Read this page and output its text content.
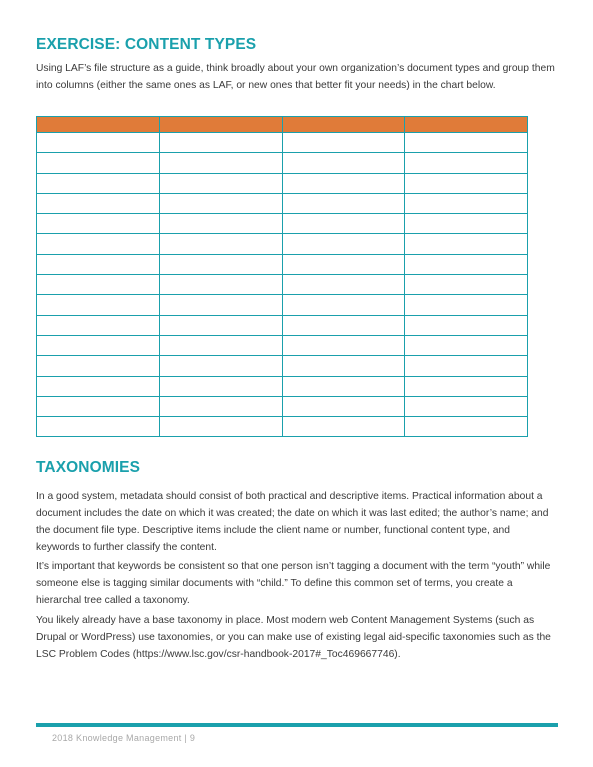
EXERCISE: CONTENT TYPES

Using LAF’s file structure as a guide, think broadly about your own organization’s document types and group them into columns (either the same ones as LAF, or new ones that better fit your needs) in the chart below.

TAXONOMIES

In a good system, metadata should consist of both practical and descriptive items. Practical information about a document includes the date on which it was created; the date on which it was last edited; the author’s name; and the document file type. Descriptive items include the client name or number, functional content type, and keywords to further classify the content.

It’s important that keywords be consistent so that one person isn’t tagging a document with the term “youth” while someone else is tagging similar documents with “child.” To define this common set of terms, you create a hierarchal tree called a taxonomy.

You likely already have a base taxonomy in place. Most modern web Content Management Systems (such as Drupal or WordPress) use taxonomies, or you can make use of existing legal aid-specific taxonomies such as the LSC Problem Codes (https://www.lsc.gov/csr-handbook-2017#_Toc469667746).

2018 Knowledge Management | 9
